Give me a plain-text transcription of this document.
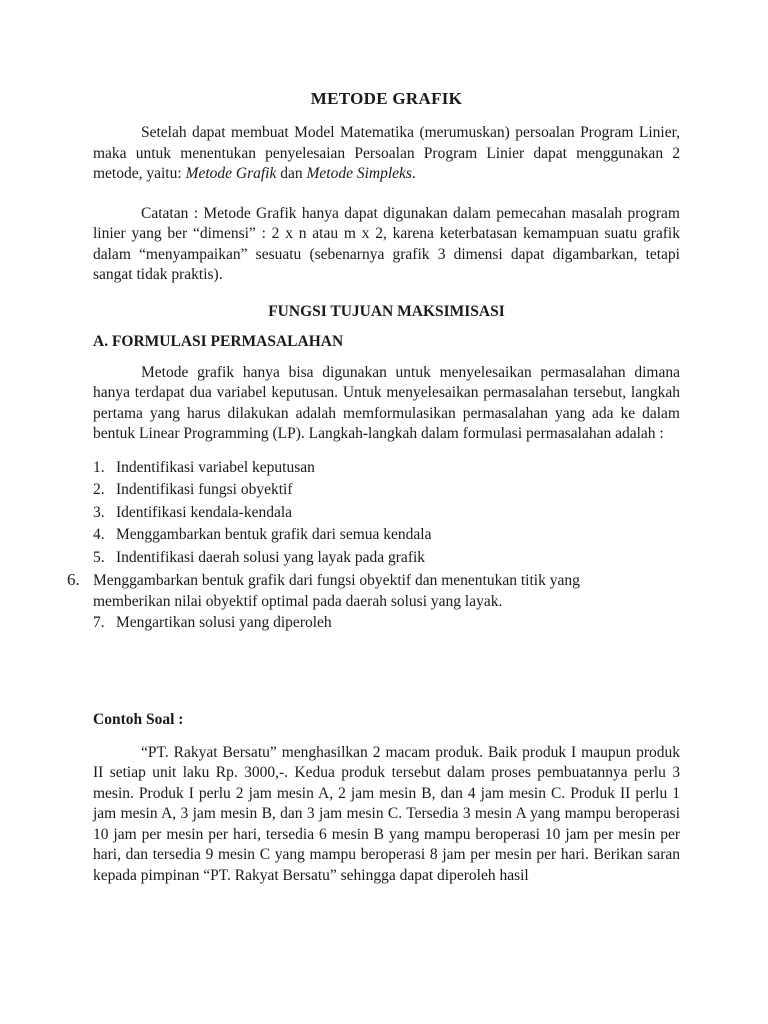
METODE GRAFIK

Setelah dapat membuat Model Matematika (merumuskan) persoalan Program Linier, maka untuk menentukan penyelesaian Persoalan Program Linier dapat menggunakan 2 metode, yaitu: Metode Grafik dan Metode Simpleks.

Catatan : Metode Grafik hanya dapat digunakan dalam pemecahan masalah program linier yang ber “dimensi” : 2 x n atau m x 2, karena keterbatasan kemampuan suatu grafik dalam “menyampaikan” sesuatu (sebenarnya grafik 3 dimensi dapat digambarkan, tetapi sangat tidak praktis).

FUNGSI TUJUAN MAKSIMISASI
A. FORMULASI PERMASALAHAN

Metode grafik hanya bisa digunakan untuk menyelesaikan permasalahan dimana hanya terdapat dua variabel keputusan. Untuk menyelesaikan permasalahan tersebut, langkah pertama yang harus dilakukan adalah memformulasikan permasalahan yang ada ke dalam bentuk Linear Programming (LP). Langkah-langkah dalam formulasi permasalahan adalah :

1. Indentifikasi variabel keputusan
2. Indentifikasi fungsi obyektif
3. Identifikasi kendala-kendala
4. Menggambarkan bentuk grafik dari semua kendala
5. Indentifikasi daerah solusi yang layak pada grafik
6. Menggambarkan bentuk grafik dari fungsi obyektif dan menentukan titik yang
memberikan nilai obyektif optimal pada daerah solusi yang layak.
7. Mengartikan solusi yang diperoleh
Contoh Soal :

“PT. Rakyat Bersatu” menghasilkan 2 macam produk. Baik produk I maupun produk II setiap unit laku Rp. 3000,-. Kedua produk tersebut dalam proses pembuatannya perlu 3 mesin. Produk I perlu 2 jam mesin A, 2 jam mesin B, dan 4 jam mesin C. Produk II perlu 1 jam mesin A, 3 jam mesin B, dan 3 jam mesin C. Tersedia 3 mesin A yang mampu beroperasi 10 jam per mesin per hari, tersedia 6 mesin B yang mampu beroperasi 10 jam per mesin per hari, dan tersedia 9 mesin C yang mampu beroperasi 8 jam per mesin per hari. Berikan saran kepada pimpinan “PT. Rakyat Bersatu” sehingga dapat diperoleh hasil
